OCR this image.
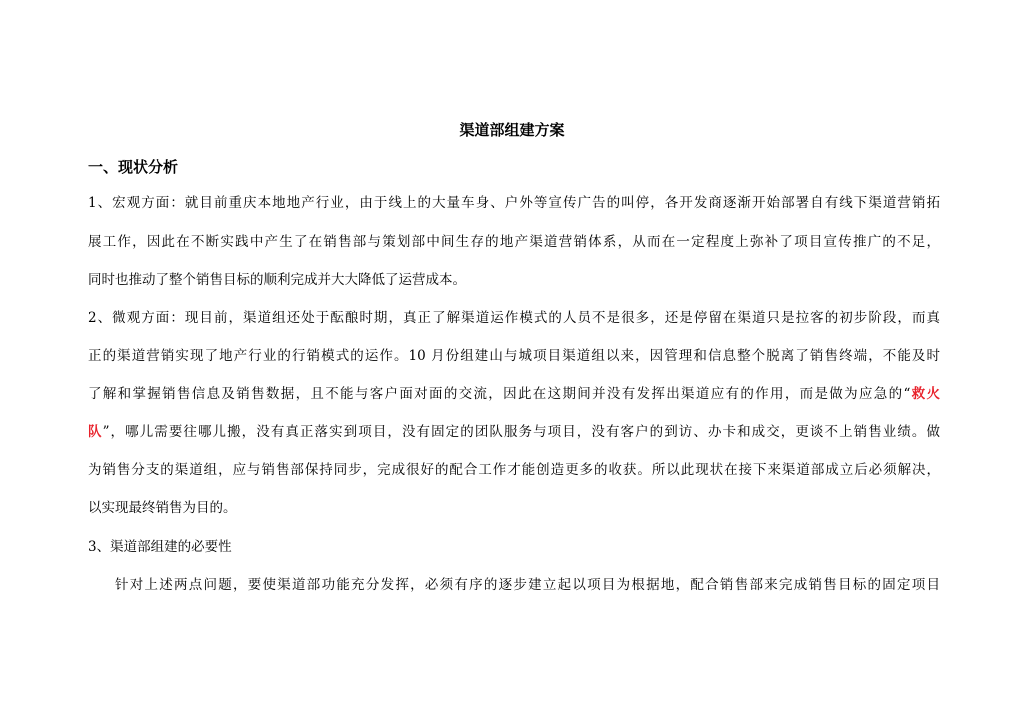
渠道部组建方案
一、现状分析
1、宏观方面：就目前重庆本地地产行业，由于线上的大量车身、户外等宣传广告的叫停，各开发商逐渐开始部署自有线下渠道营销拓
展工作，因此在不断实践中产生了在销售部与策划部中间生存的地产渠道营销体系，从而在一定程度上弥补了项目宣传推广的不足，
同时也推动了整个销售目标的顺利完成并大大降低了运营成本。
2、微观方面：现目前，渠道组还处于酝酿时期，真正了解渠道运作模式的人员不是很多，还是停留在渠道只是拉客的初步阶段，而真
正的渠道营销实现了地产行业的行销模式的运作。10 月份组建山与城项目渠道组以来，因管理和信息整个脱离了销售终端，不能及时
了解和掌握销售信息及销售数据，且不能与客户面对面的交流，因此在这期间并没有发挥出渠道应有的作用，而是做为应急的“救火
队”，哪儿需要往哪儿搬，没有真正落实到项目，没有固定的团队服务与项目，没有客户的到访、办卡和成交，更谈不上销售业绩。做
为销售分支的渠道组，应与销售部保持同步，完成很好的配合工作才能创造更多的收获。所以此现状在接下来渠道部成立后必须解决，
以实现最终销售为目的。
3、渠道部组建的必要性
针对上述两点问题，要使渠道部功能充分发挥，必须有序的逐步建立起以项目为根据地，配合销售部来完成销售目标的固定项目
